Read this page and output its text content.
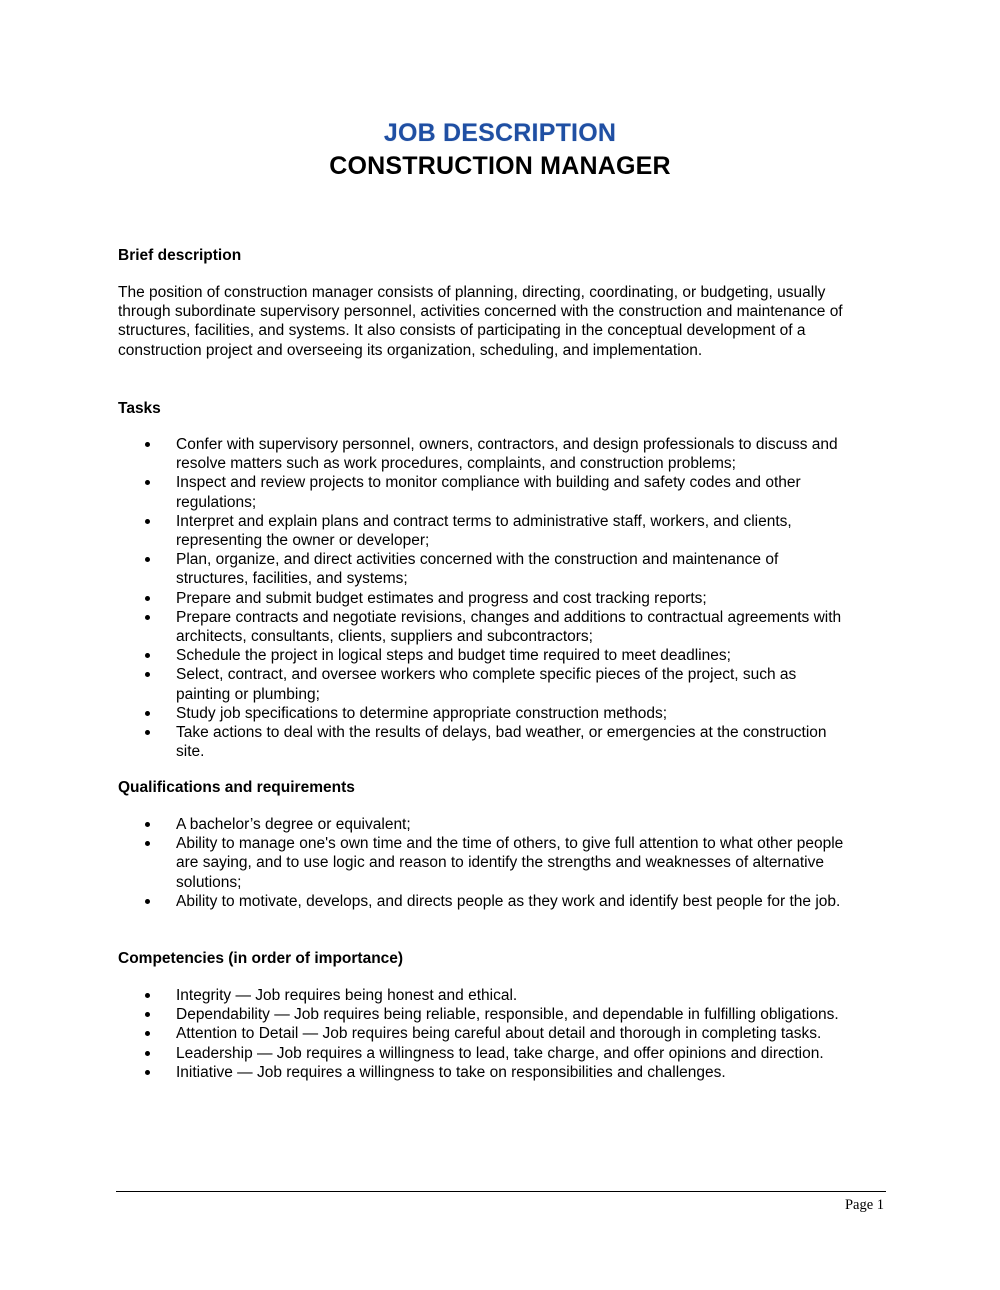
JOB DESCRIPTION
CONSTRUCTION MANAGER
Brief description
The position of construction manager consists of planning, directing, coordinating, or budgeting, usually
through subordinate supervisory personnel, activities concerned with the construction and maintenance of
structures, facilities, and systems. It also consists of participating in the conceptual development of a
construction project and overseeing its organization, scheduling, and implementation.
Tasks
Confer with supervisory personnel, owners, contractors, and design professionals to discuss and
resolve matters such as work procedures, complaints, and construction problems;
Inspect and review projects to monitor compliance with building and safety codes and other
regulations;
Interpret and explain plans and contract terms to administrative staff, workers, and clients,
representing the owner or developer;
Plan, organize, and direct activities concerned with the construction and maintenance of
structures, facilities, and systems;
Prepare and submit budget estimates and progress and cost tracking reports;
Prepare contracts and negotiate revisions, changes and additions to contractual agreements with
architects, consultants, clients, suppliers and subcontractors;
Schedule the project in logical steps and budget time required to meet deadlines;
Select, contract, and oversee workers who complete specific pieces of the project, such as
painting or plumbing;
Study job specifications to determine appropriate construction methods;
Take actions to deal with the results of delays, bad weather, or emergencies at the construction
site.
Qualifications and requirements
A bachelor’s degree or equivalent;
Ability to manage one's own time and the time of others, to give full attention to what other people
are saying, and to use logic and reason to identify the strengths and weaknesses of alternative
solutions;
Ability to motivate, develops, and directs people as they work and identify best people for the job.
Competencies (in order of importance)
Integrity — Job requires being honest and ethical.
Dependability — Job requires being reliable, responsible, and dependable in fulfilling obligations.
Attention to Detail — Job requires being careful about detail and thorough in completing tasks.
Leadership — Job requires a willingness to lead, take charge, and offer opinions and direction.
Initiative — Job requires a willingness to take on responsibilities and challenges.
Page 1
